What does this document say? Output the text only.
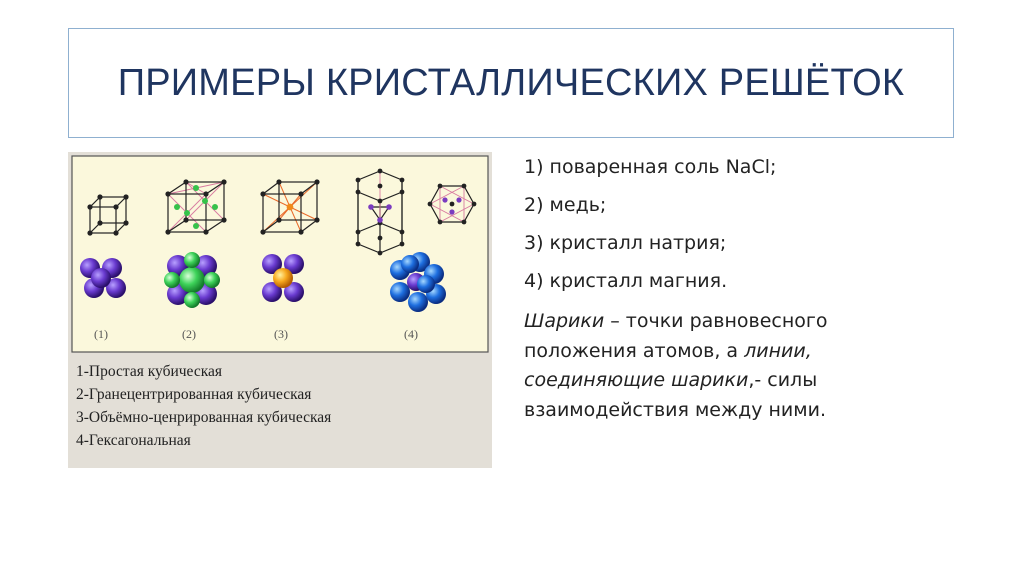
ПРИМЕРЫ КРИСТАЛЛИЧЕСКИХ РЕШЁТОК
(1)	(2)	(3)	(4)
1-Простая кубическая
2-Гранецентрированная кубическая
3-Объёмно-ценрированная кубическая
4-Гексагональная

1) поваренная соль NaCl;

2) медь;

3) кристалл натрия;

4) кристалл магния.

Шарики – точки равновесного положения атомов, а линии, соединяющие шарики,- силы взаимодействия между ними.
